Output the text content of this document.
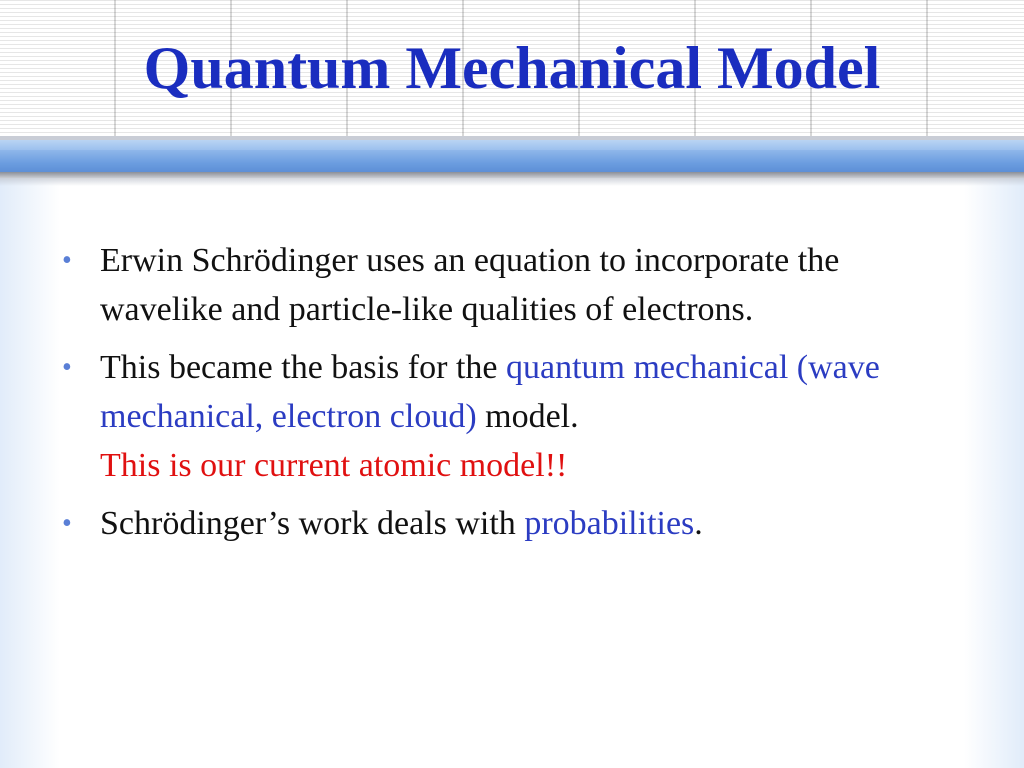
Quantum Mechanical Model
• Erwin Schrödinger uses an equation to incorporate the wavelike and particle-like qualities of electrons.
• This became the basis for the quantum mechanical (wave mechanical, electron cloud) model.
This is our current atomic model!!
• Schrödinger’s work deals with probabilities.
